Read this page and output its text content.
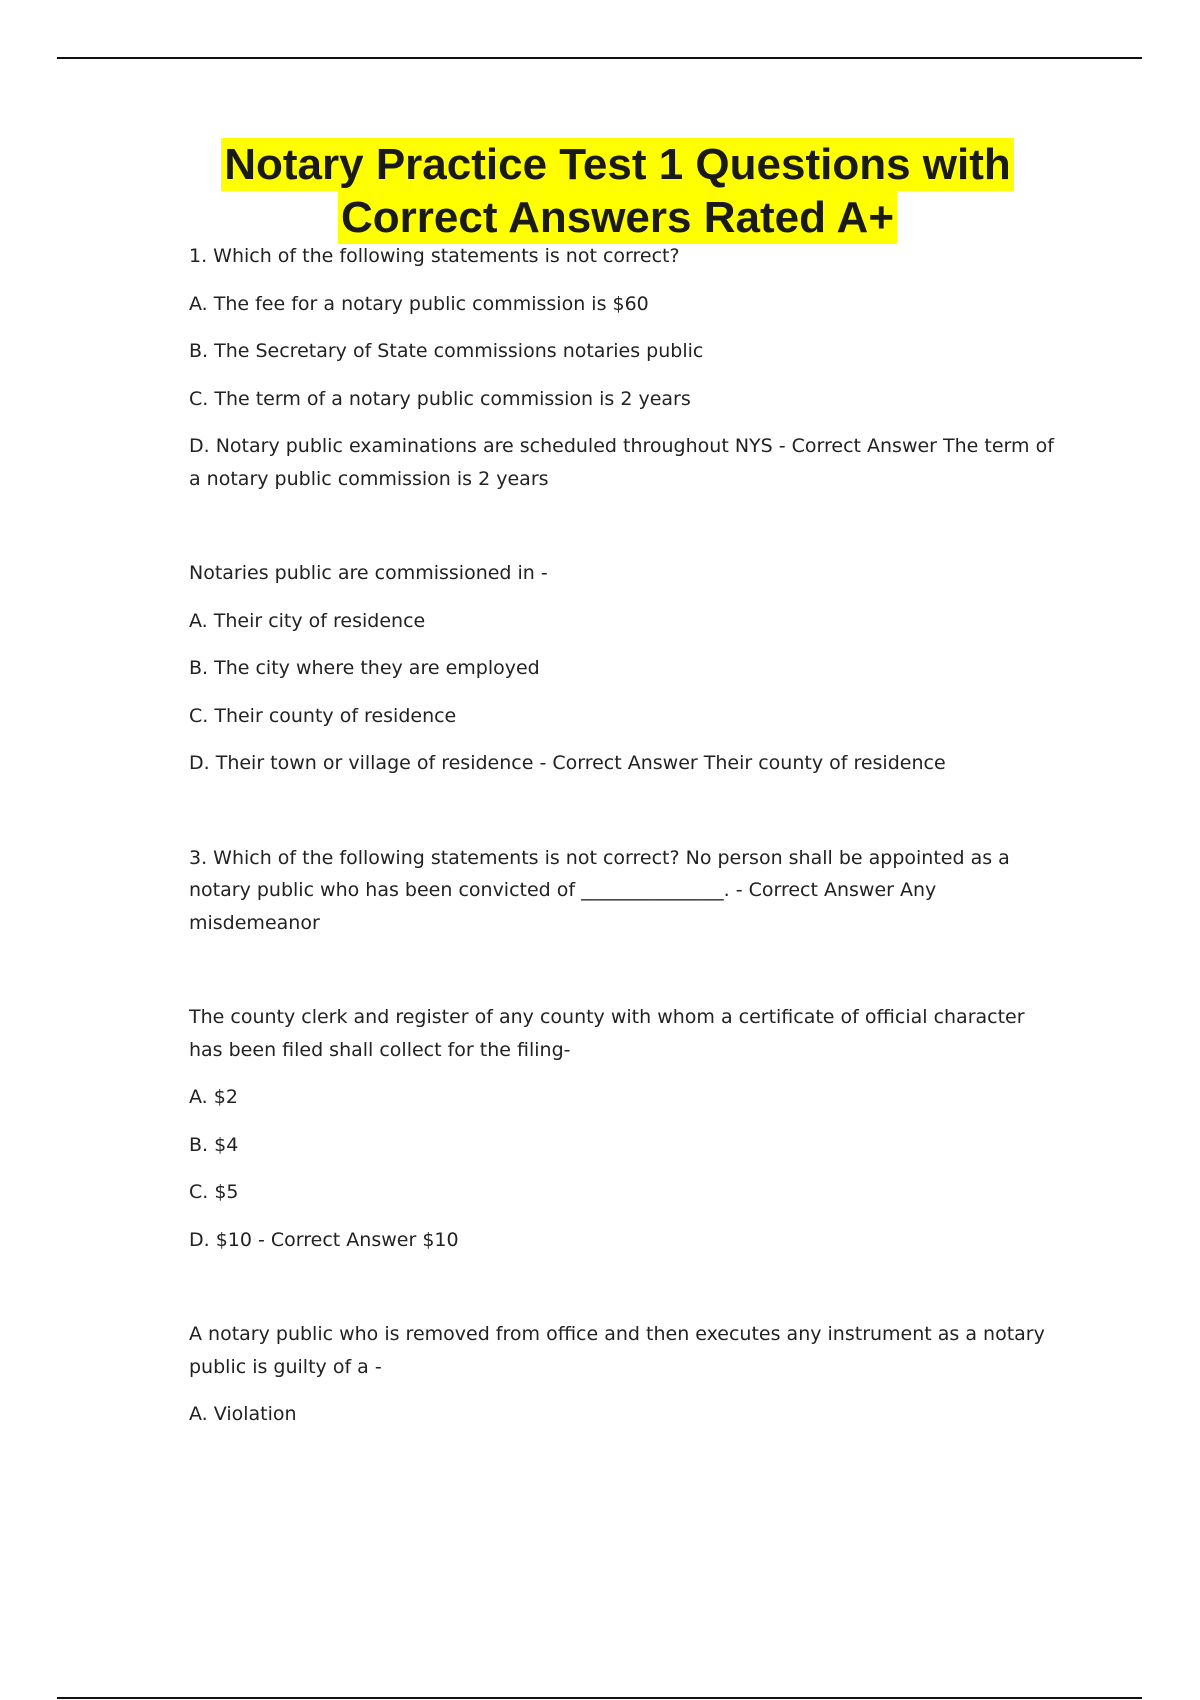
Notary Practice Test 1 Questions with
Correct Answers Rated A+

1. Which of the following statements is not correct?

A. The fee for a notary public commission is $60

B. The Secretary of State commissions notaries public

C. The term of a notary public commission is 2 years

D. Notary public examinations are scheduled throughout NYS - Correct Answer The term of a notary public commission is 2 years

Notaries public are commissioned in -

A. Their city of residence

B. The city where they are employed

C. Their county of residence

D. Their town or village of residence - Correct Answer Their county of residence

3. Which of the following statements is not correct? No person shall be appointed as a notary public who has been convicted of _______________. - Correct Answer Any misdemeanor

The county clerk and register of any county with whom a certificate of official character has been filed shall collect for the filing-

A. $2

B. $4

C. $5

D. $10 - Correct Answer $10

A notary public who is removed from office and then executes any instrument as a notary public is guilty of a -

A. Violation
